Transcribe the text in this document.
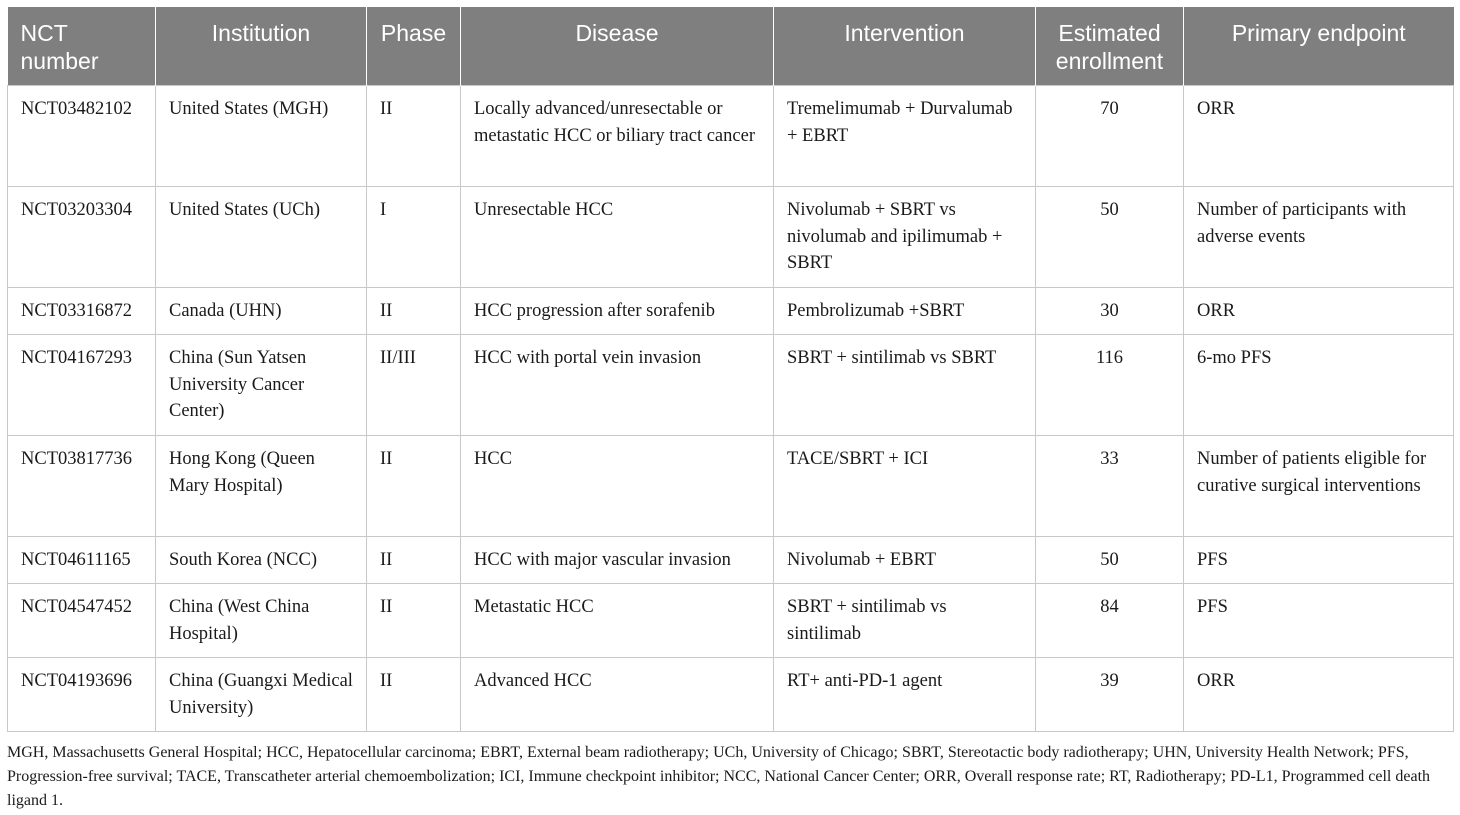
NCT number	Institution	Phase	Disease	Intervention	Estimated enrollment	Primary endpoint
NCT03482102	United States (MGH)	II	Locally advanced/unresectable or metastatic HCC or biliary tract cancer	Tremelimumab + Durvalumab + EBRT	70	ORR
NCT03203304	United States (UCh)	I	Unresectable HCC	Nivolumab + SBRT vs nivolumab and ipilimumab + SBRT	50	Number of participants with adverse events
NCT03316872	Canada (UHN)	II	HCC progression after sorafenib	Pembrolizumab +SBRT	30	ORR
NCT04167293	China (Sun Yatsen University Cancer Center)	II/III	HCC with portal vein invasion	SBRT + sintilimab vs SBRT	116	6-mo PFS
NCT03817736	Hong Kong (Queen Mary Hospital)	II	HCC	TACE/SBRT + ICI	33	Number of patients eligible for curative surgical interventions
NCT04611165	South Korea (NCC)	II	HCC with major vascular invasion	Nivolumab + EBRT	50	PFS
NCT04547452	China (West China Hospital)	II	Metastatic HCC	SBRT + sintilimab vs sintilimab	84	PFS
NCT04193696	China (Guangxi Medical University)	II	Advanced HCC	RT+ anti-PD-1 agent	39	ORR
MGH, Massachusetts General Hospital; HCC, Hepatocellular carcinoma; EBRT, External beam radiotherapy; UCh, University of Chicago; SBRT, Stereotactic body radiotherapy; UHN, University Health Network; PFS, Progression-free survival; TACE, Transcatheter arterial chemoembolization; ICI, Immune checkpoint inhibitor; NCC, National Cancer Center; ORR, Overall response rate; RT, Radiotherapy; PD-L1, Programmed cell death ligand 1.
